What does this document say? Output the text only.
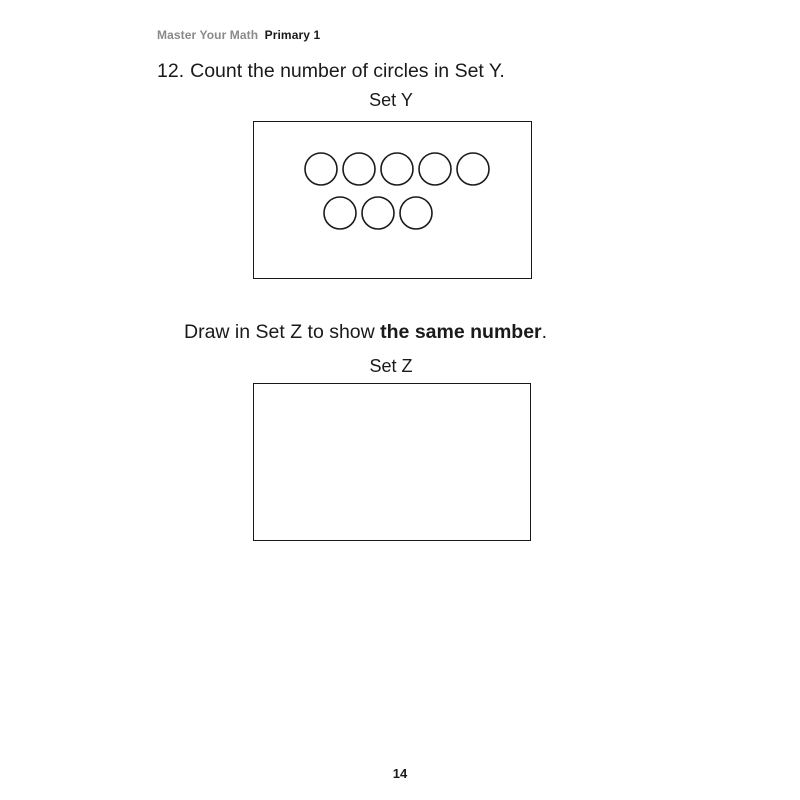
Master Your Math Primary 1
12. Count the number of circles in Set Y.
Set Y
Draw in Set Z to show the same number.
Set Z
14
